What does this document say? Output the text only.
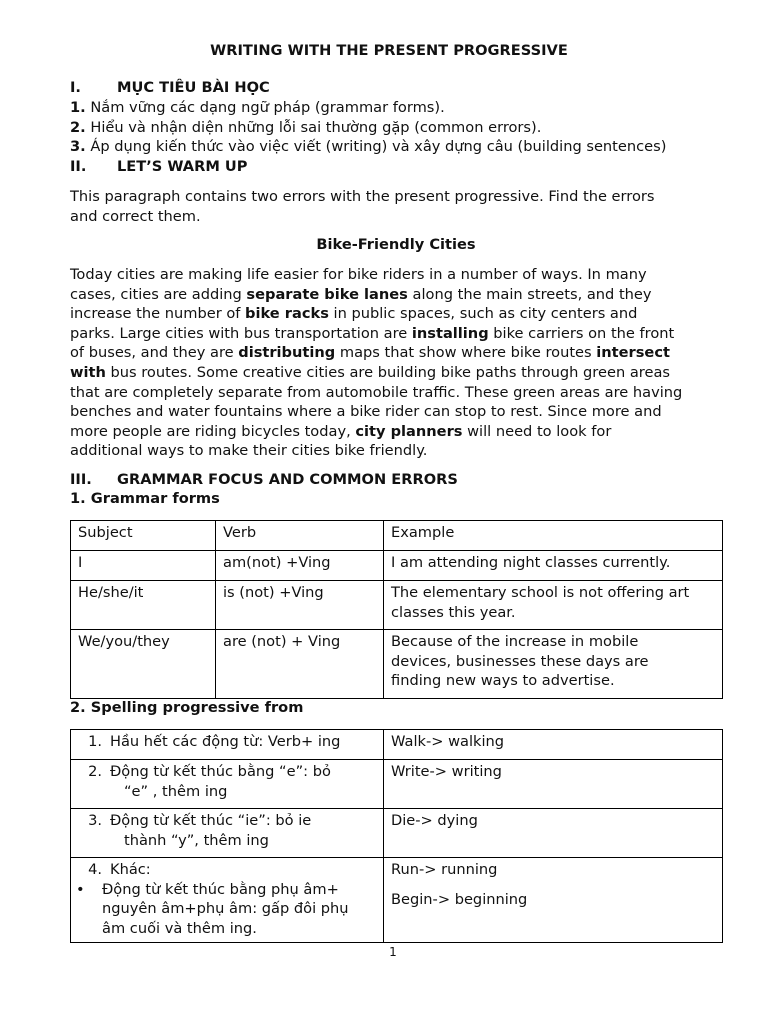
WRITING WITH THE PRESENT PROGRESSIVE
I. MỤC TIÊU BÀI HỌC
1. Nắm vững các dạng ngữ pháp (grammar forms).
2. Hiểu và nhận diện những lỗi sai thường gặp (common errors).
3. Áp dụng kiến thức vào việc viết (writing) và xây dựng câu (building sentences)
II. LET’S WARM UP
This paragraph contains two errors with the present progressive. Find the errors
and correct them.
Bike-Friendly Cities
Today cities are making life easier for bike riders in a number of ways. In many
cases, cities are adding separate bike lanes along the main streets, and they
increase the number of bike racks in public spaces, such as city centers and
parks. Large cities with bus transportation are installing bike carriers on the front
of buses, and they are distributing maps that show where bike routes intersect
with bus routes. Some creative cities are building bike paths through green areas
that are completely separate from automobile traffic. These green areas are having
benches and water fountains where a bike rider can stop to rest. Since more and
more people are riding bicycles today, city planners will need to look for
additional ways to make their cities bike friendly.
III. GRAMMAR FOCUS AND COMMON ERRORS
1. Grammar forms
Subject	Verb	Example
I	am(not) +Ving	I am attending night classes currently.

He/she/it	is (not) +Ving	The elementary school is not offering art
classes this year.

We/you/they	are (not) + Ving	Because of the increase in mobile
devices, businesses these days are
finding new ways to advertise.
2. Spelling progressive from
1. Hầu hết các động từ: Verb+ ing	Walk-> walking

2. Động từ kết thúc bằng “e”: bỏ
“e” , thêm ing	Write-> writing

3. Động từ kết thúc “ie”: bỏ ie
thành “y”, thêm ing	Die-> dying

4. Khác:
• Động từ kết thúc bằng phụ âm+
nguyên âm+phụ âm: gấp đôi phụ
âm cuối và thêm ing.	Run-> running
Begin-> beginning
1
